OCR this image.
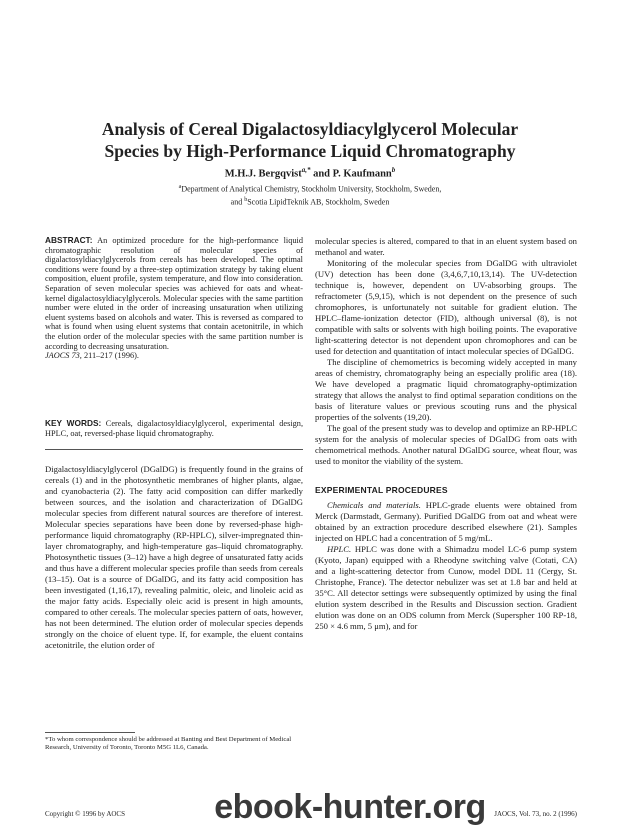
Analysis of Cereal Digalactosyldiacylglycerol Molecular
Species by High-Performance Liquid Chromatography
M.H.J. Bergqvist$^{a,*}$ and P. Kaufmann$^b$
$^a$Department of Analytical Chemistry, Stockholm University, Stockholm, Sweden,
and $^b$Scotia LipidTeknik AB, Stockholm, Sweden
ABSTRACT: An optimized procedure for the high-performance liquid chromatographic resolution of molecular species of digalactosyldiacylglycerols from cereals has been developed. The optimal conditions were found by a three-step optimization strategy by taking eluent composition, eluent profile, system temperature, and flow into consideration. Separation of seven molecular species was achieved for oats and wheat-kernel digalactosyldiacylglycerols. Molecular species with the same partition number were eluted in the order of increasing unsaturation when utilizing eluent systems based on alcohols and water. This is reversed as compared to what is found when using eluent systems that contain acetonitrile, in which the elution order of the molecular species with the same partition number is according to decreasing unsaturation.
JAOCS 73, 211–217 (1996).
KEY WORDS: Cereals, digalactosyldiacylglycerol, experimental design, HPLC, oat, reversed-phase liquid chromatography.
Digalactosyldiacylglycerol (DGalDG) is frequently found in the grains of cereals (1) and in the photosynthetic membranes of higher plants, algae, and cyanobacteria (2). The fatty acid composition can differ markedly between sources, and the isolation and characterization of DGalDG molecular species from different natural sources are therefore of interest. Molecular species separations have been done by reversed-phase high-performance liquid chromatography (RP-HPLC), silver-impregnated thin-layer chromatography, and high-temperature gas–liquid chromatography. Photosynthetic tissues (3–12) have a high degree of unsaturated fatty acids and thus have a different molecular species profile than seeds from cereals (13–15). Oat is a source of DGalDG, and its fatty acid composition has been investigated (1,16,17), revealing palmitic, oleic, and linoleic acid as the major fatty acids. Especially oleic acid is present in high amounts, compared to other cereals. The molecular species pattern of oats, however, has not been determined. The elution order of molecular species depends strongly on the choice of eluent type. If, for example, the eluent contains acetonitrile, the elution order of
*To whom correspondence should be addressed at Banting and Best Department of Medical Research, University of Toronto, Toronto M5G 1L6, Canada.

molecular species is altered, compared to that in an eluent system based on methanol and water.

Monitoring of the molecular species from DGalDG with ultraviolet (UV) detection has been done (3,4,6,7,10,13,14). The UV-detection technique is, however, dependent on UV-absorbing groups. The refractometer (5,9,15), which is not dependent on the presence of such chromophores, is unfortunately not suitable for gradient elution. The HPLC–flame-ionization detector (FID), although universal (8), is not compatible with salts or solvents with high boiling points. The evaporative light-scattering detector is not dependent upon chromophores and can be used for detection and quantitation of intact molecular species of DGalDG.

The discipline of chemometrics is becoming widely accepted in many areas of chemistry, chromatography being an especially prolific area (18). We have developed a pragmatic liquid chromatography-optimization strategy that allows the analyst to find optimal separation conditions on the basis of literature values or previous scouting runs and the physical properties of the solvents (19,20).

The goal of the present study was to develop and optimize an RP-HPLC system for the analysis of molecular species of DGalDG from oats with chemometrical methods. Another natural DGalDG source, wheat flour, was used to monitor the viability of the system.

EXPERIMENTAL PROCEDURES

Chemicals and materials. HPLC-grade eluents were obtained from Merck (Darmstadt, Germany). Purified DGalDG from oat and wheat were obtained by an extraction procedure described elsewhere (21). Samples injected on HPLC had a concentration of 5 mg/mL.

HPLC. HPLC was done with a Shimadzu model LC-6 pump system (Kyoto, Japan) equipped with a Rheodyne switching valve (Cotati, CA) and a light-scattering detector from Cunow, model DDL 11 (Cergy, St. Christophe, France). The detector nebulizer was set at 1.8 bar and held at 35°C. All detector settings were subsequently optimized by using the final elution system described in the Results and Discussion section. Gradient elution was done on an ODS column from Merck (Superspher 100 RP-18, 250 × 4.6 mm, 5 μm), and for

Copyright © 1996 by AOCS	ebook-hunter.org	JAOCS, Vol. 73, no. 2 (1996)
